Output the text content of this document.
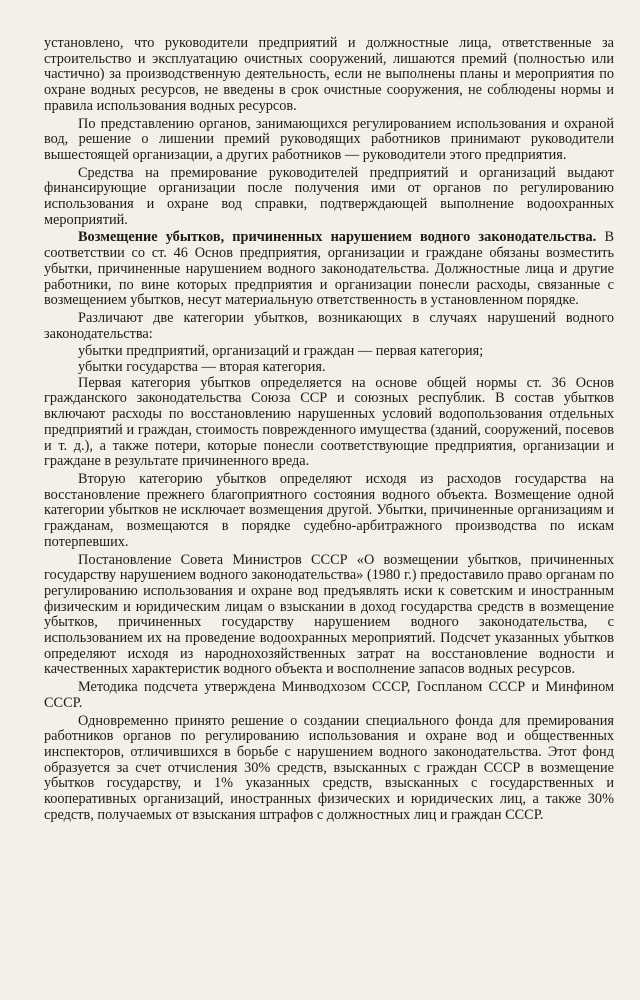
установлено, что руководители предприятий и должностные лица, ответственные за строительство и эксплуатацию очистных сооружений, лишаются премий (полностью или частично) за производственную деятельность, если не выполнены планы и мероприятия по охране водных ресурсов, не введены в срок очистные сооружения, не соблюдены нормы и правила использования водных ресурсов.

По представлению органов, занимающихся регулированием использования и охраной вод, решение о лишении премий руководящих работников принимают руководители вышестоящей организации, а других работников — руководители этого предприятия.

Средства на премирование руководителей предприятий и организаций выдают финансирующие организации после получения ими от органов по регулированию использования и охране вод справки, подтверждающей выполнение водоохранных мероприятий.

Возмещение убытков, причиненных нарушением водного законодательства. В соответствии со ст. 46 Основ предприятия, организации и граждане обязаны возместить убытки, причиненные нарушением водного законодательства. Должностные лица и другие работники, по вине которых предприятия и организации понесли расходы, связанные с возмещением убытков, несут материальную ответственность в установленном порядке.

Различают две категории убытков, возникающих в случаях нарушений водного законодательства:

убытки предприятий, организаций и граждан — первая категория;

убытки государства — вторая категория.

Первая категория убытков определяется на основе общей нормы ст. 36 Основ гражданского законодательства Союза ССР и союзных республик. В состав убытков включают расходы по восстановлению нарушенных условий водопользования отдельных предприятий и граждан, стоимость поврежденного имущества (зданий, сооружений, посевов и т. д.), а также потери, которые понесли соответствующие предприятия, организации и граждане в результате причиненного вреда.

Вторую категорию убытков определяют исходя из расходов государства на восстановление прежнего благоприятного состояния водного объекта. Возмещение одной категории убытков не исключает возмещения другой. Убытки, причиненные организациям и гражданам, возмещаются в порядке судебно-арбитражного производства по искам потерпевших.

Постановление Совета Министров СССР «О возмещении убытков, причиненных государству нарушением водного законодательства» (1980 г.) предоставило право органам по регулированию использования и охране вод предъявлять иски к советским и иностранным физическим и юридическим лицам о взыскании в доход государства средств в возмещение убытков, причиненных государству нарушением водного законодательства, с использованием их на проведение водоохранных мероприятий. Подсчет указанных убытков определяют исходя из народнохозяйственных затрат на восстановление водности и качественных характеристик водного объекта и восполнение запасов водных ресурсов.

Методика подсчета утверждена Минводхозом СССР, Госпланом СССР и Минфином СССР.

Одновременно принято решение о создании специального фонда для премирования работников органов по регулированию использования и охране вод и общественных инспекторов, отличившихся в борьбе с нарушением водного законодательства. Этот фонд образуется за счет отчисления 30% средств, взысканных с граждан СССР в возмещение убытков государству, и 1% указанных средств, взысканных с государственных и кооперативных организаций, иностранных физических и юридических лиц, а также 30% средств, получаемых от взыскания штрафов с должностных лиц и граждан СССР.
